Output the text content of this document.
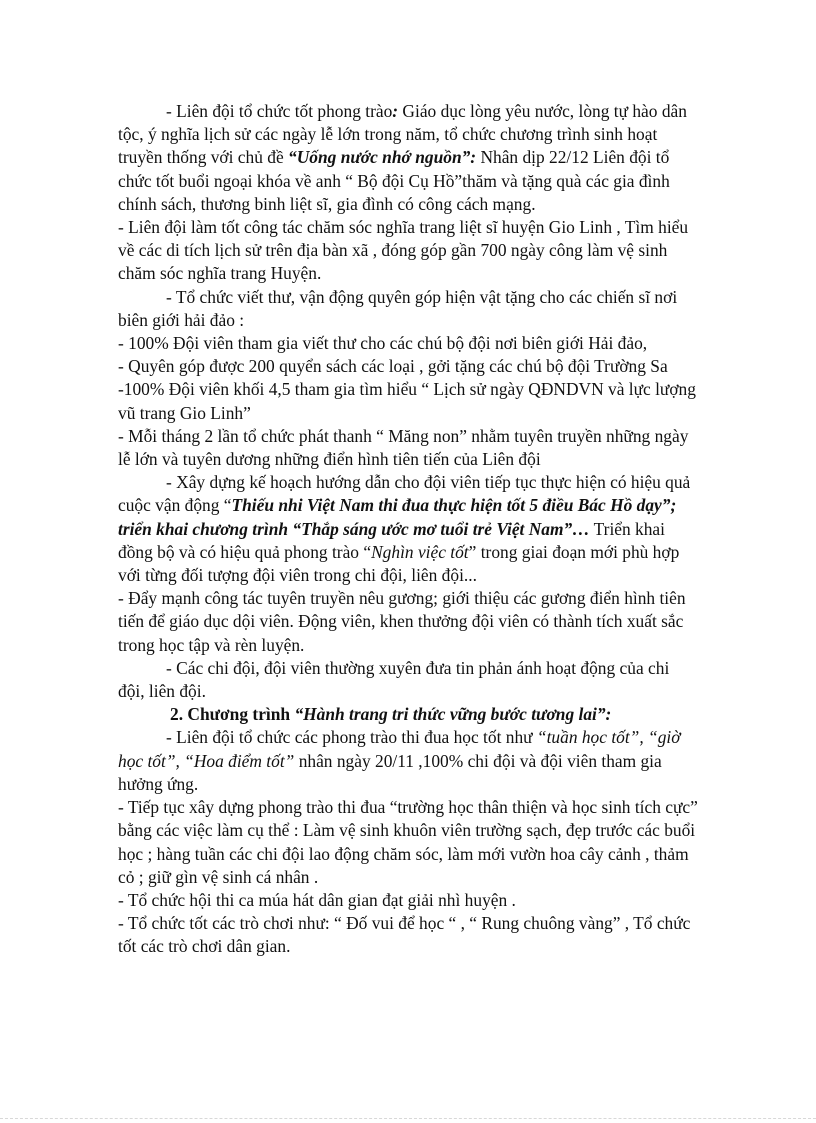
- Liên đội tổ chức tốt phong trào: Giáo dục lòng yêu nước, lòng tự hào dân tộc, ý nghĩa lịch sử các ngày lễ lớn trong năm, tổ chức chương trình sinh hoạt truyền thống với chủ đề “Uống nước nhớ nguồn”: Nhân dịp 22/12 Liên đội tổ chức tốt buổi ngoại khóa về anh “ Bộ đội Cụ Hồ”thăm và tặng quà các gia đình chính sách, thương binh liệt sĩ, gia đình có công cách mạng.

- Liên đội làm tốt công tác chăm sóc nghĩa trang liệt sĩ huyện Gio Linh , Tìm hiểu về các di tích lịch sử trên địa bàn xã , đóng góp gần 700 ngày công làm vệ sinh chăm sóc nghĩa trang Huyện.

- Tổ chức viết thư, vận động quyên góp hiện vật tặng cho các chiến sĩ nơi biên giới hải đảo :

- 100% Đội viên tham gia viết thư cho các chú bộ đội nơi biên giới Hải đảo,

- Quyên góp được 200 quyển sách các loại , gởi tặng các chú bộ đội Trường Sa

-100% Đội viên khối 4,5 tham gia tìm hiểu “ Lịch sử ngày QĐNDVN và lực lượng vũ trang Gio Linh”

- Mỗi tháng 2 lần tổ chức phát thanh “ Măng non” nhằm tuyên truyền những ngày lễ lớn và tuyên dương những điển hình tiên tiến của Liên đội

- Xây dựng kế hoạch hướng dẫn cho đội viên tiếp tục thực hiện có hiệu quả cuộc vận động “Thiếu nhi Việt Nam thi đua thực hiện tốt 5 điều Bác Hồ dạy”; triển khai chương trình “Thắp sáng ước mơ tuổi trẻ Việt Nam”… Triển khai đồng bộ và có hiệu quả phong trào “Nghìn việc tốt” trong giai đoạn mới phù hợp với từng đối tượng đội viên trong chi đội, liên đội...

- Đẩy mạnh công tác tuyên truyền nêu gương; giới thiệu các gương điển hình tiên tiến để giáo dục dội viên. Động viên, khen thưởng đội viên có thành tích xuất sắc trong học tập và rèn luyện.

- Các chi đội, đội viên thường xuyên đưa tin phản ánh hoạt động của chi đội, liên đội.

2. Chương trình “Hành trang tri thức vững bước tương lai”:

- Liên đội tổ chức các phong trào thi đua học tốt như “tuần học tốt”, “giờ học tốt”, “Hoa điểm tốt” nhân ngày 20/11 ,100% chi đội và đội viên tham gia hưởng ứng.

- Tiếp tục xây dựng phong trào thi đua “trường học thân thiện và học sinh tích cực” bằng các việc làm cụ thể : Làm vệ sinh khuôn viên trường sạch, đẹp trước các buổi học ; hàng tuần các chi đội lao động chăm sóc, làm mới vườn hoa cây cảnh , thảm cỏ ; giữ gìn vệ sinh cá nhân .

- Tổ chức hội thi ca múa hát dân gian đạt giải nhì huyện .

- Tổ chức tốt các trò chơi như: “ Đố vui để học “ , “ Rung chuông vàng” , Tổ chức tốt các trò chơi dân gian.
